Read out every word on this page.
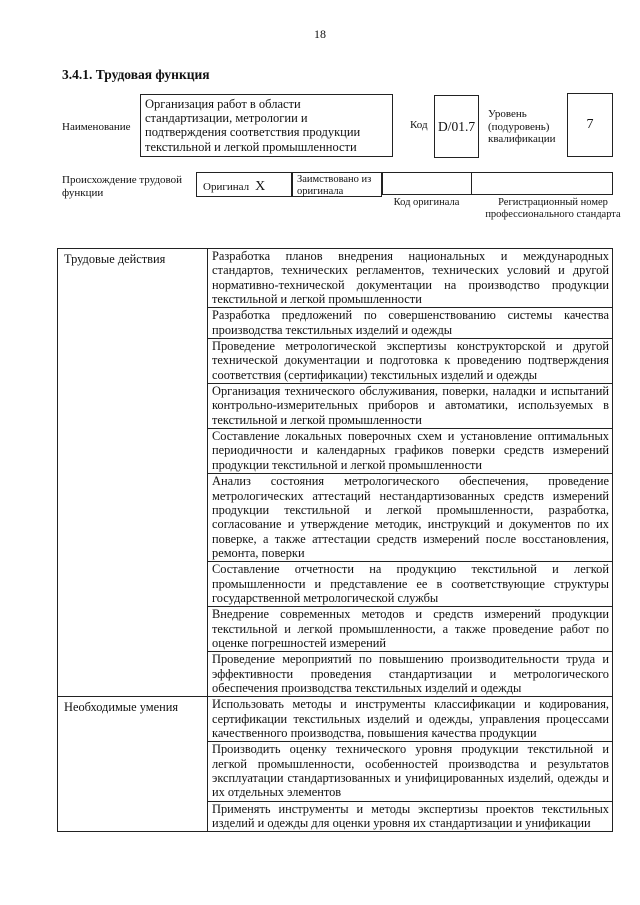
18
3.4.1. Трудовая функция
Наименование
Организация работ в области стандартизации, метрологии и подтверждения соответствия продукции текстильной и легкой промышленности
Код D/01.7
Уровень (подуровень) квалификации
7
Происхождение трудовой функции	Оригинал X	Заимствовано из оригинала
Код оригинала	Регистрационный номер профессионального стандарта
Трудовые действия	Разработка планов внедрения национальных и международных стандартов, технических регламентов, технических условий и другой нормативно-технической документации на производство продукции текстильной и легкой промышленности
	Разработка предложений по совершенствованию системы качества производства текстильных изделий и одежды
	Проведение метрологической экспертизы конструкторской и другой технической документации и подготовка к проведению подтверждения соответствия (сертификации) текстильных изделий и одежды
	Организация технического обслуживания, поверки, наладки и испытаний контрольно-измерительных приборов и автоматики, используемых в текстильной и легкой промышленности
	Составление локальных поверочных схем и установление оптимальных периодичности и календарных графиков поверки средств измерений продукции текстильной и легкой промышленности
	Анализ состояния метрологического обеспечения, проведение метрологических аттестаций нестандартизованных средств измерений продукции текстильной и легкой промышленности, разработка, согласование и утверждение методик, инструкций и документов по их поверке, а также аттестации средств измерений после восстановления, ремонта, поверки
	Составление отчетности на продукцию текстильной и легкой промышленности и представление ее в соответствующие структуры государственной метрологической службы
	Внедрение современных методов и средств измерений продукции текстильной и легкой промышленности, а также проведение работ по оценке погрешностей измерений
	Проведение мероприятий по повышению производительности труда и эффективности проведения стандартизации и метрологического обеспечения производства текстильных изделий и одежды
Необходимые умения	Использовать методы и инструменты классификации и кодирования, сертификации текстильных изделий и одежды, управления процессами качественного производства, повышения качества продукции
	Производить оценку технического уровня продукции текстильной и легкой промышленности, особенностей производства и результатов эксплуатации стандартизованных и унифицированных изделий, одежды и их отдельных элементов
	Применять инструменты и методы экспертизы проектов текстильных изделий и одежды для оценки уровня их стандартизации и унификации
